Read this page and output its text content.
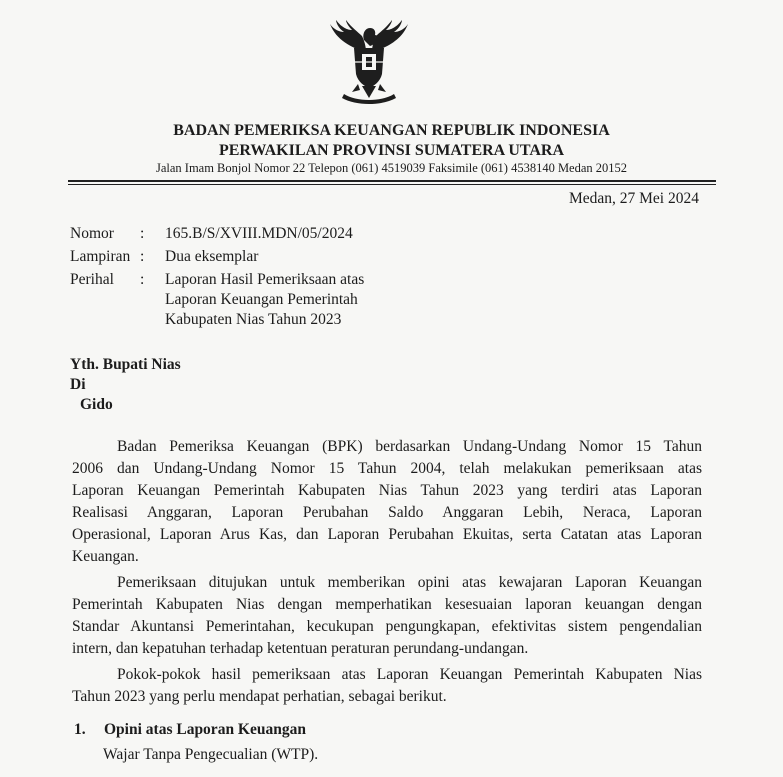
BADAN PEMERIKSA KEUANGAN REPUBLIK INDONESIA
PERWAKILAN PROVINSI SUMATERA UTARA
Jalan Imam Bonjol Nomor 22 Telepon (061) 4519039 Faksimile (061) 4538140 Medan 20152
Medan, 27 Mei 2024
Nomor : 165.B/S/XVIII.MDN/05/2024
Lampiran : Dua eksemplar
Perihal : Laporan Hasil Pemeriksaan atas
Laporan Keuangan Pemerintah
Kabupaten Nias Tahun 2023
Yth. Bupati Nias
Di
Gido
Badan Pemeriksa Keuangan (BPK) berdasarkan Undang-Undang Nomor 15 Tahun
2006 dan Undang-Undang Nomor 15 Tahun 2004, telah melakukan pemeriksaan atas
Laporan Keuangan Pemerintah Kabupaten Nias Tahun 2023 yang terdiri atas Laporan
Realisasi Anggaran, Laporan Perubahan Saldo Anggaran Lebih, Neraca, Laporan
Operasional, Laporan Arus Kas, dan Laporan Perubahan Ekuitas, serta Catatan atas Laporan
Keuangan.
Pemeriksaan ditujukan untuk memberikan opini atas kewajaran Laporan Keuangan
Pemerintah Kabupaten Nias dengan memperhatikan kesesuaian laporan keuangan dengan
Standar Akuntansi Pemerintahan, kecukupan pengungkapan, efektivitas sistem pengendalian
intern, dan kepatuhan terhadap ketentuan peraturan perundang-undangan.
Pokok-pokok hasil pemeriksaan atas Laporan Keuangan Pemerintah Kabupaten Nias
Tahun 2023 yang perlu mendapat perhatian, sebagai berikut.
1. Opini atas Laporan Keuangan
Wajar Tanpa Pengecualian (WTP).
